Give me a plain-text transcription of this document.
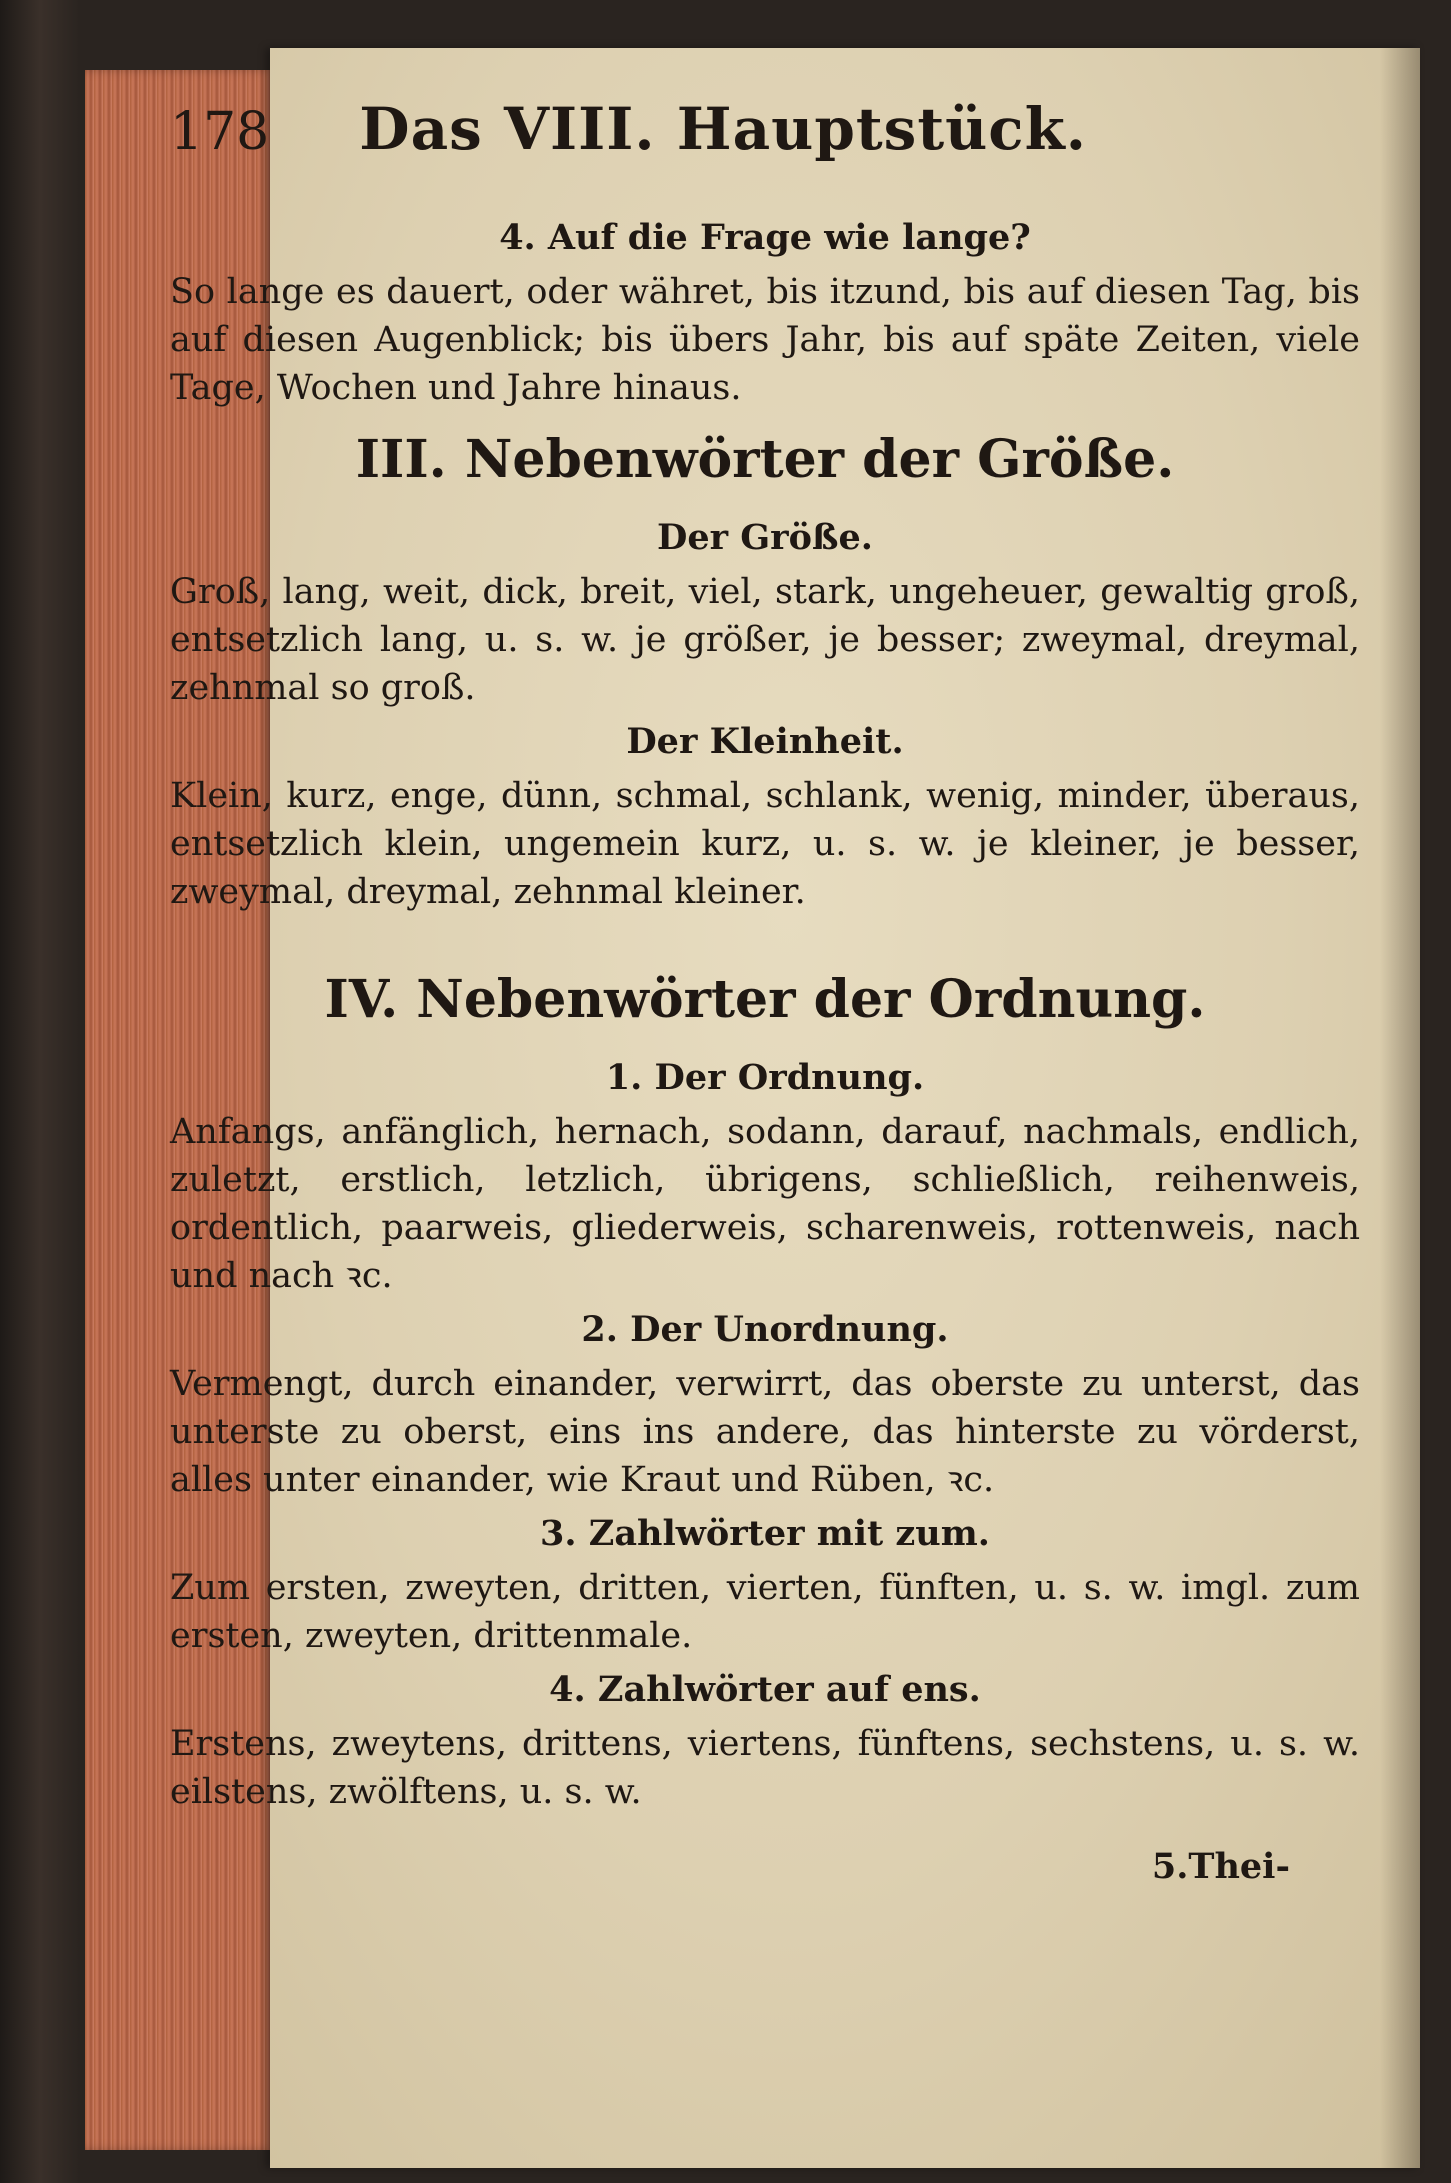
178 Das VIII. Hauptstück.
4. Auf die Frage wie lange?

So lange es dauert, oder währet, bis itzund, bis auf diesen Tag, bis auf diesen Augenblick; bis übers Jahr, bis auf späte Zeiten, viele Tage, Wochen und Jahre hinaus.

III. Nebenwörter der Größe.
Der Größe.

Groß, lang, weit, dick, breit, viel, stark, ungeheuer, gewaltig groß, entsetzlich lang, u. s. w. je größer, je besser; zweymal, dreymal, zehnmal so groß.

Der Kleinheit.

Klein, kurz, enge, dünn, schmal, schlank, wenig, minder, überaus, entsetzlich klein, ungemein kurz, u. s. w. je kleiner, je besser, zweymal, dreymal, zehnmal kleiner.

IV. Nebenwörter der Ordnung.
1. Der Ordnung.

Anfangs, anfänglich, hernach, sodann, darauf, nachmals, endlich, zuletzt, erstlich, letzlich, übrigens, schließlich, reihenweis, ordentlich, paarweis, gliederweis, scharenweis, rottenweis, nach und nach ꝛc.

2. Der Unordnung.

Vermengt, durch einander, verwirrt, das oberste zu unterst, das unterste zu oberst, eins ins andere, das hinterste zu vörderst, alles unter einander, wie Kraut und Rüben, ꝛc.

3. Zahlwörter mit zum.

Zum ersten, zweyten, dritten, vierten, fünften, u. s. w. imgl. zum ersten, zweyten, drittenmale.

4. Zahlwörter auf ens.

Erstens, zweytens, drittens, viertens, fünftens, sechstens, u. s. w. eilstens, zwölftens, u. s. w.

5.Thei-
